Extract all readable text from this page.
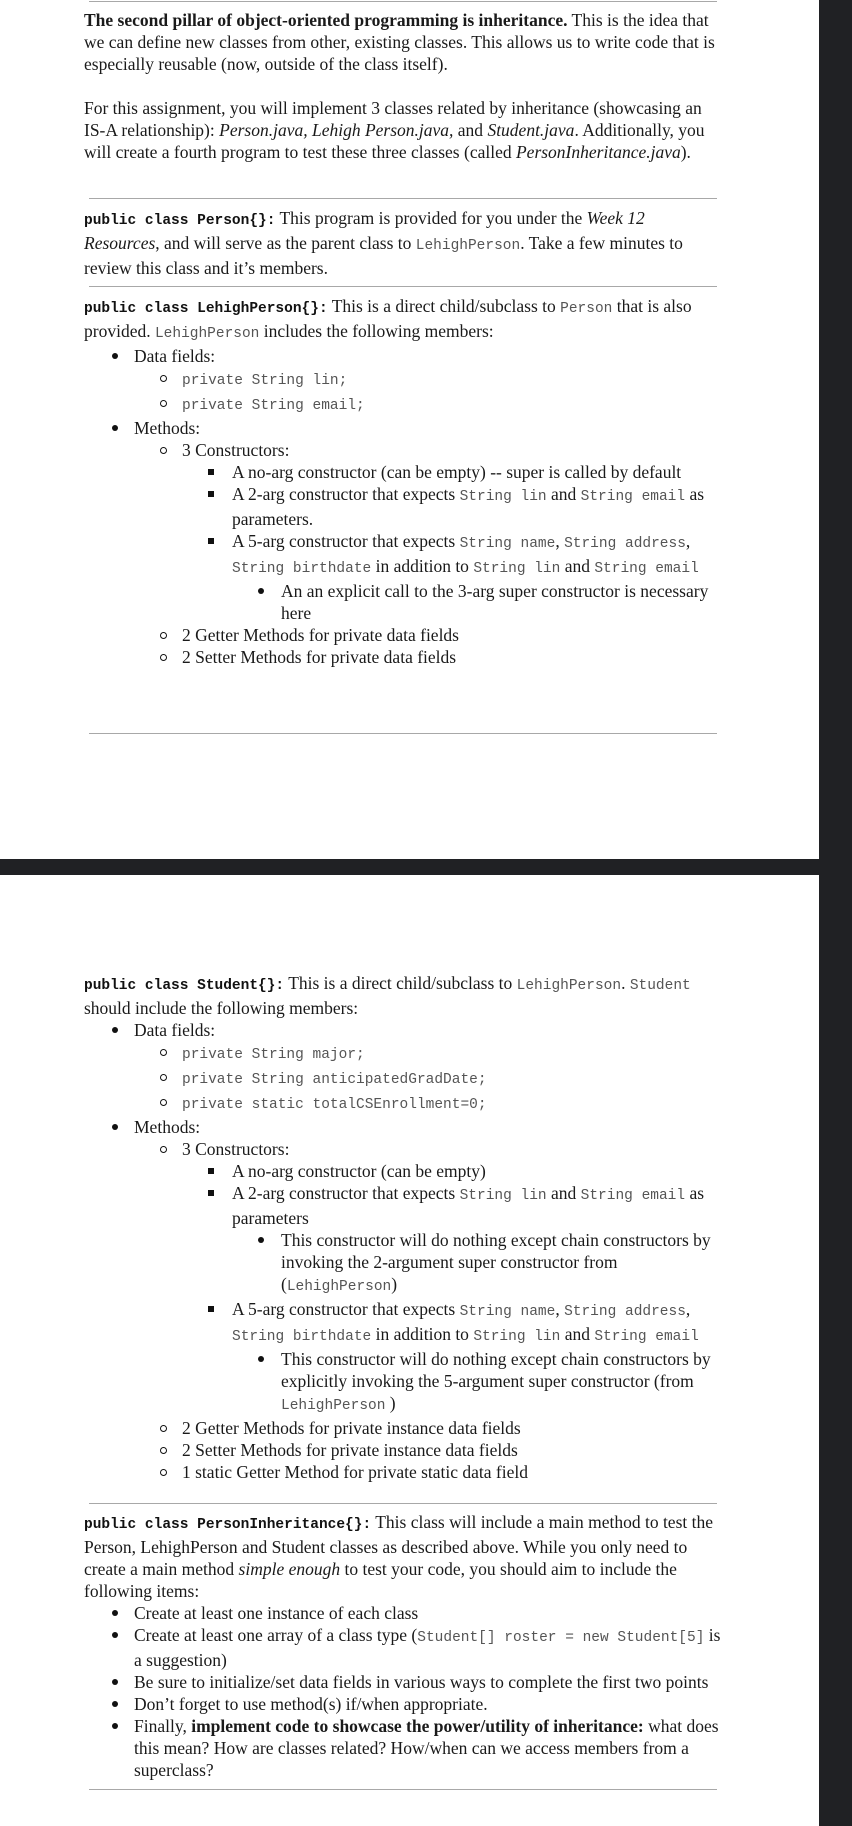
The second pillar of object-oriented programming is inheritance. This is the idea that we can define new classes from other, existing classes. This allows us to write code that is especially reusable (now, outside of the class itself).
For this assignment, you will implement 3 classes related by inheritance (showcasing an IS-A relationship): Person.java, Lehigh Person.java, and Student.java. Additionally, you will create a fourth program to test these three classes (called PersonInheritance.java).
public class Person{}: This program is provided for you under the Week 12 Resources, and will serve as the parent class to LehighPerson. Take a few minutes to review this class and it’s members.
public class LehighPerson{}: This is a direct child/subclass to Person that is also provided. LehighPerson includes the following members:
Data fields:
private String lin;
private String email;
Methods:
3 Constructors:
A no-arg constructor (can be empty) -- super is called by default
A 2-arg constructor that expects String lin and String email as parameters.
A 5-arg constructor that expects String name, String address, String birthdate in addition to String lin and String email
An an explicit call to the 3-arg super constructor is necessary here
2 Getter Methods for private data fields
2 Setter Methods for private data fields
public class Student{}: This is a direct child/subclass to LehighPerson. Student should include the following members:
Data fields:
private String major;
private String anticipatedGradDate;
private static totalCSEnrollment=0;
Methods:
3 Constructors:
A no-arg constructor (can be empty)
A 2-arg constructor that expects String lin and String email as parameters
This constructor will do nothing except chain constructors by invoking the 2-argument super constructor from (LehighPerson)
A 5-arg constructor that expects String name, String address, String birthdate in addition to String lin and String email
This constructor will do nothing except chain constructors by explicitly invoking the 5-argument super constructor (from LehighPerson )
2 Getter Methods for private instance data fields
2 Setter Methods for private instance data fields
1 static Getter Method for private static data field
public class PersonInheritance{}: This class will include a main method to test the Person, LehighPerson and Student classes as described above. While you only need to create a main method simple enough to test your code, you should aim to include the following items:
Create at least one instance of each class
Create at least one array of a class type (Student[] roster = new Student[5] is a suggestion)
Be sure to initialize/set data fields in various ways to complete the first two points
Don’t forget to use method(s) if/when appropriate.
Finally, implement code to showcase the power/utility of inheritance: what does this mean? How are classes related? How/when can we access members from a superclass?
